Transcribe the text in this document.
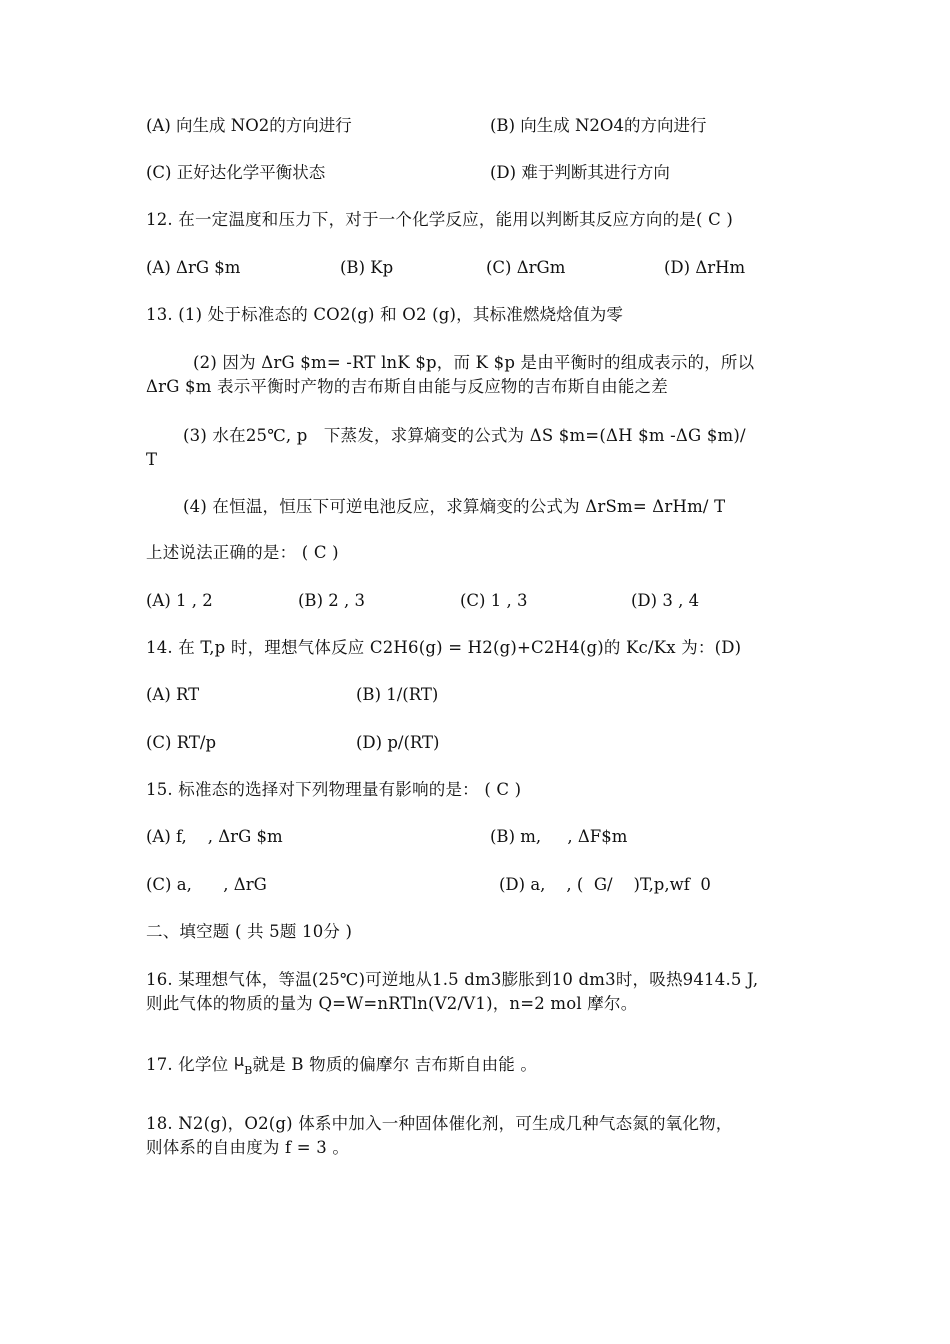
(A) 向生成 NO2的方向进行	(B) 向生成 N2O4的方向进行
(C) 正好达化学平衡状态	(D) 难于判断其进行方向
12. 在一定温度和压力下，对于一个化学反应，能用以判断其反应方向的是( C )
(A) ΔrG $m	(B) Kp	(C) ΔrGm	(D) ΔrHm
13. (1) 处于标准态的 CO2(g) 和 O2 (g)，其标准燃烧焓值为零
(2) 因为 ΔrG $m= -RT lnK $p，而 K $p 是由平衡时的组成表示的，所以
ΔrG $m 表示平衡时产物的吉布斯自由能与反应物的吉布斯自由能之差
(3) 水在25℃, p   下蒸发，求算熵变的公式为 ΔS $m=(ΔH $m -ΔG $m)/
T
(4) 在恒温，恒压下可逆电池反应，求算熵变的公式为 ΔrSm= ΔrHm/ T
上述说法正确的是： ( C )
(A) 1 , 2	(B) 2 , 3	(C) 1 , 3	(D) 3 , 4
14. 在 T,p 时，理想气体反应 C2H6(g) = H2(g)+C2H4(g)的 Kc/Kx 为：(D)
(A) RT	(B) 1/(RT)
(C) RT/p	(D) p/(RT)
15. 标准态的选择对下列物理量有影响的是： ( C )
(A) f,    , ΔrG $m	(B) m,     , ΔF$m
(C) a,      , ΔrG	(D) a,    , (  G/    )T,p,wf  0
二、填空题 ( 共 5题 10分 )
16. 某理想气体，等温(25℃)可逆地从1.5 dm3膨胀到10 dm3时，吸热9414.5 J,
则此气体的物质的量为 Q=W=nRTln(V2/V1)，n=2 mol 摩尔。
17. 化学位 $\mu_B$就是 B 物质的偏摩尔 吉布斯自由能 。
18. N2(g)，O2(g) 体系中加入一种固体催化剂，可生成几种气态氮的氧化物，
则体系的自由度为 f = 3 。
